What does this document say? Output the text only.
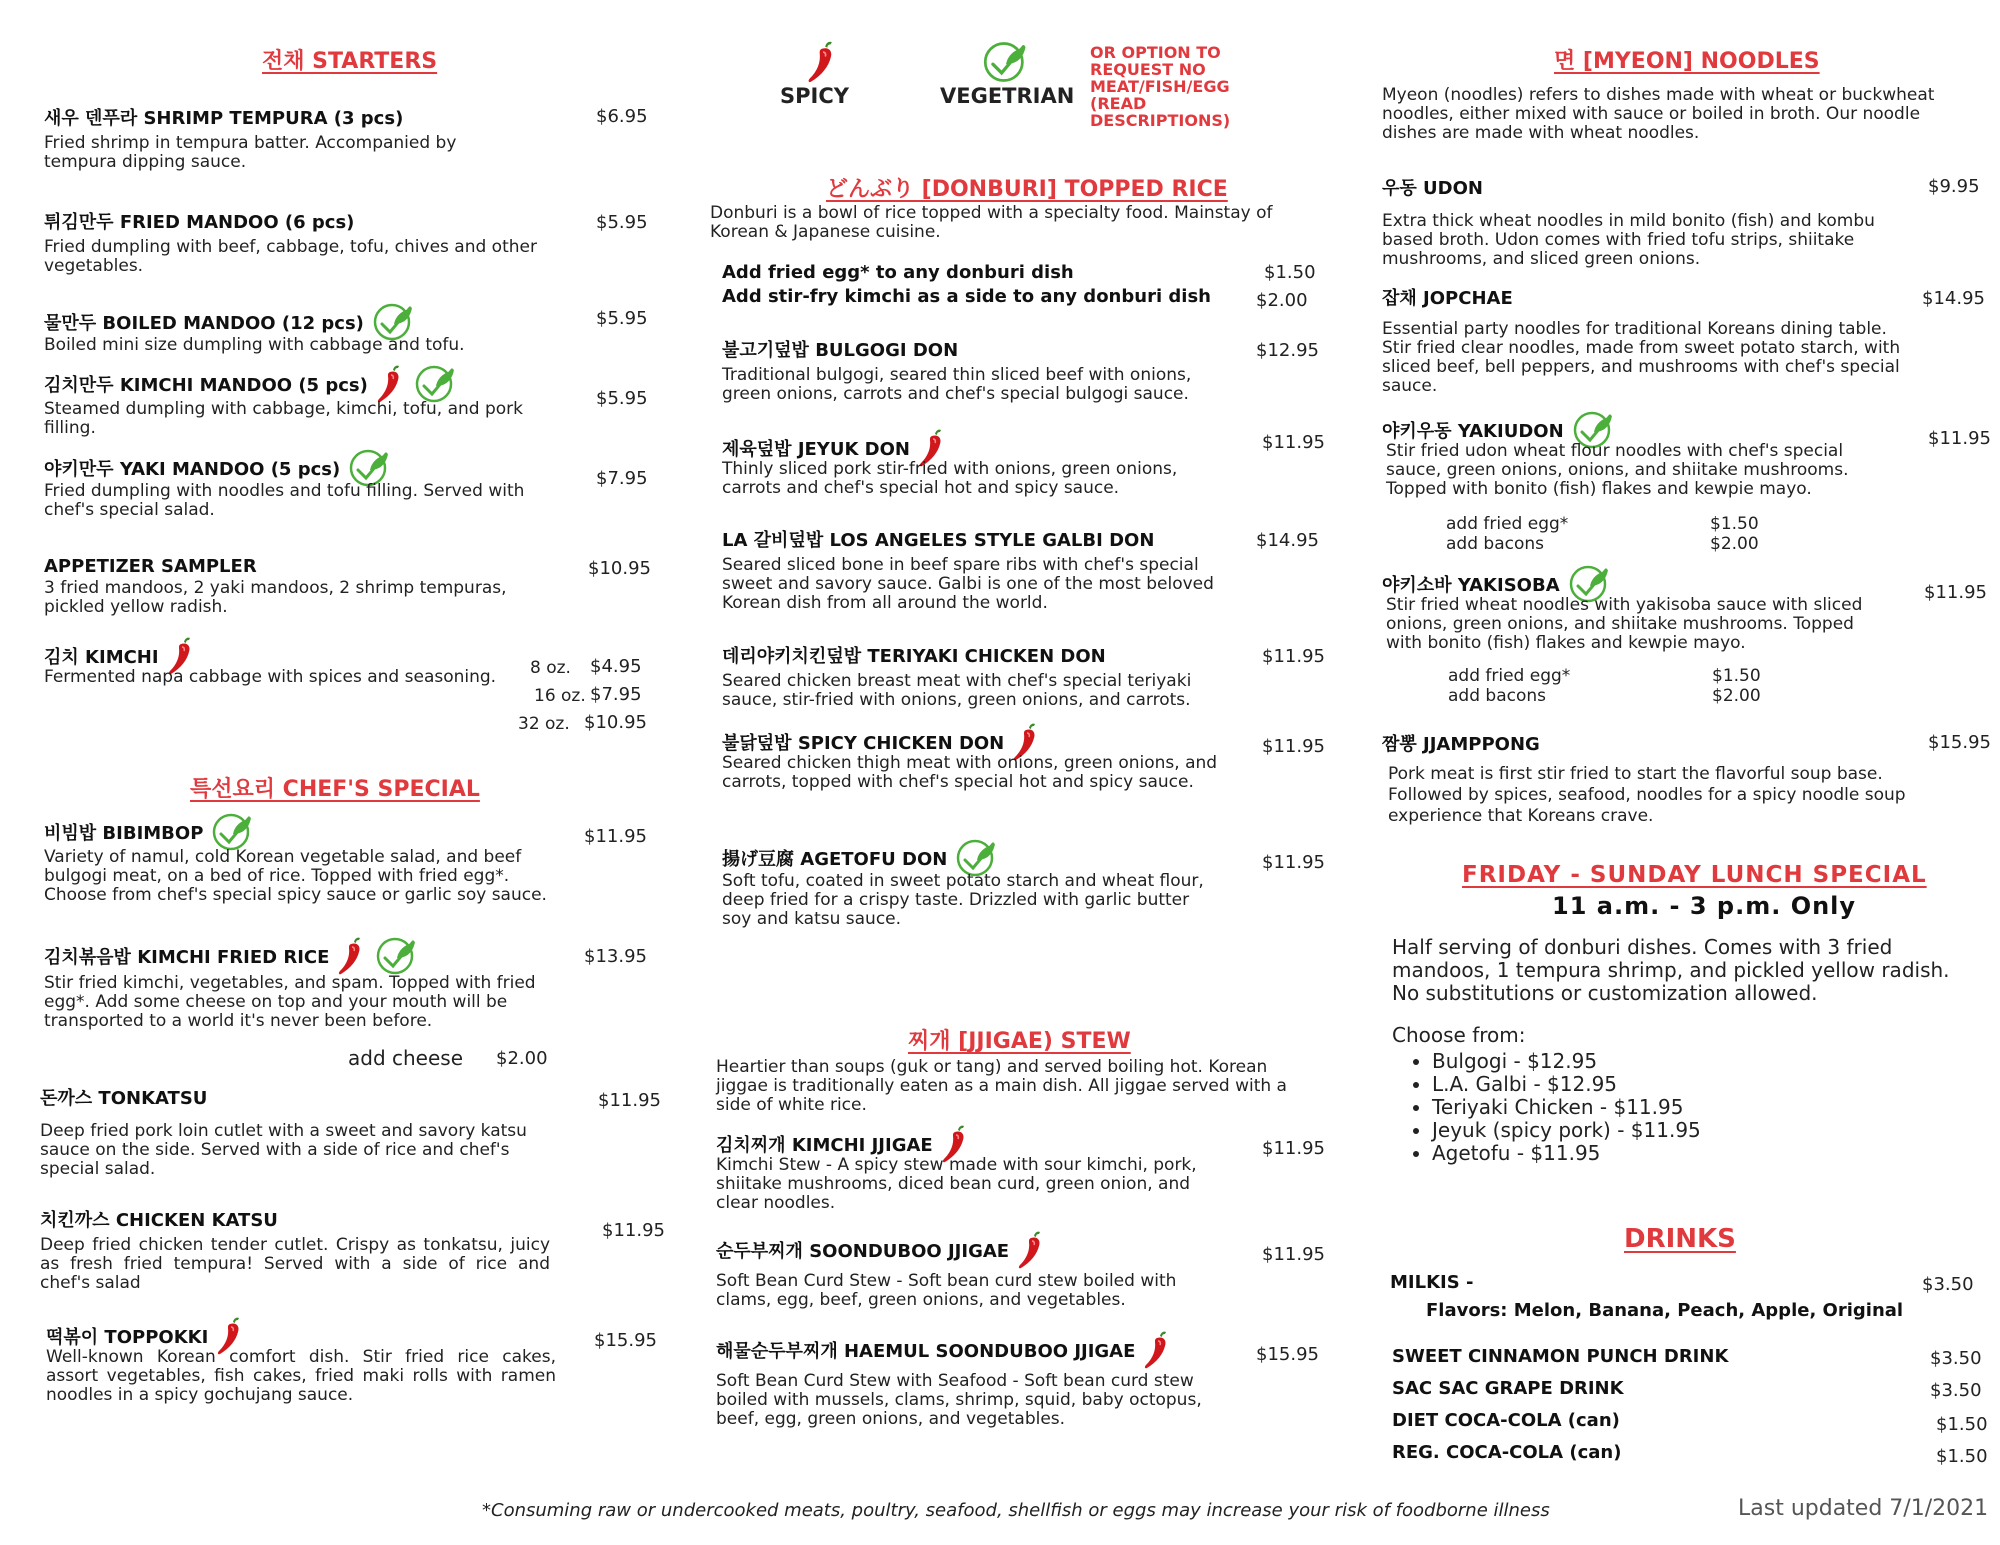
SPICY	VEGETRIAN
OR OPTION TO REQUEST NO MEAT/FISH/EGG (READ DESCRIPTIONS)
전채 STARTERS
새우 덴푸라 SHRIMP TEMPURA (3 pcs)
Fried shrimp in tempura batter. Accompanied by tempura dipping sauce.
$6.95
튀김만두 FRIED MANDOO (6 pcs)
Fried dumpling with beef, cabbage, tofu, chives and other vegetables.
$5.95
물만두 BOILED MANDOO (12 pcs)
Boiled mini size dumpling with cabbage and tofu.
$5.95
김치만두 KIMCHI MANDOO (5 pcs)
Steamed dumpling with cabbage, kimchi, tofu, and pork filling.
$5.95
야키만두 YAKI MANDOO (5 pcs)
Fried dumpling with noodles and tofu filling. Served with chef's special salad.
$7.95
APPETIZER SAMPLER
3 fried mandoos, 2 yaki mandoos, 2 shrimp tempuras, pickled yellow radish.
$10.95
김치 KIMCHI
Fermented napa cabbage with spices and seasoning.	8 oz. $4.95
16 oz. $7.95
32 oz. $10.95
특선요리 CHEF'S SPECIAL
비빔밥 BIBIMBOP
Variety of namul, cold Korean vegetable salad, and beef bulgogi meat, on a bed of rice. Topped with fried egg*. Choose from chef's special spicy sauce or garlic soy sauce.
$11.95
김치볶음밥 KIMCHI FRIED RICE
Stir fried kimchi, vegetables, and spam. Topped with fried egg*. Add some cheese on top and your mouth will be transported to a world it's never been before.
$13.95
add cheese $2.00
돈까스 TONKATSU
Deep fried pork loin cutlet with a sweet and savory katsu sauce on the side. Served with a side of rice and chef's special salad.
$11.95
치킨까스 CHICKEN KATSU
Deep fried chicken tender cutlet. Crispy as tonkatsu, juicy as fresh fried tempura! Served with a side of rice and chef's salad
$11.95
떡볶이 TOPPOKKI
Well-known Korean comfort dish. Stir fried rice cakes, assort vegetables, fish cakes, fried maki rolls with ramen noodles in a spicy gochujang sauce.
$15.95
どんぶり [DONBURI] TOPPED RICE
Donburi is a bowl of rice topped with a specialty food. Mainstay of Korean & Japanese cuisine.
Add fried egg* to any donburi dish	$1.50
Add stir-fry kimchi as a side to any donburi dish	$2.00
불고기덮밥 BULGOGI DON
Traditional bulgogi, seared thin sliced beef with onions, green onions, carrots and chef's special bulgogi sauce.
$12.95
제육덮밥 JEYUK DON
Thinly sliced pork stir-fried with onions, green onions, carrots and chef's special hot and spicy sauce.
$11.95
LA 갈비덮밥 LOS ANGELES STYLE GALBI DON
Seared sliced bone in beef spare ribs with chef's special sweet and savory sauce. Galbi is one of the most beloved Korean dish from all around the world.
$14.95
데리야키치킨덮밥 TERIYAKI CHICKEN DON
Seared chicken breast meat with chef's special teriyaki sauce, stir-fried with onions, green onions, and carrots.
$11.95
불닭덮밥 SPICY CHICKEN DON
Seared chicken thigh meat with onions, green onions, and carrots, topped with chef's special hot and spicy sauce.
$11.95
揚げ豆腐 AGETOFU DON
Soft tofu, coated in sweet potato starch and wheat flour, deep fried for a crispy taste. Drizzled with garlic butter soy and katsu sauce.
$11.95
찌개 [JJIGAE) STEW
Heartier than soups (guk or tang) and served boiling hot. Korean jiggae is traditionally eaten as a main dish. All jiggae served with a side of white rice.
김치찌개 KIMCHI JJIGAE
Kimchi Stew - A spicy stew made with sour kimchi, pork, shiitake mushrooms, diced bean curd, green onion, and clear noodles.
$11.95
순두부찌개 SOONDUBOO JJIGAE
Soft Bean Curd Stew - Soft bean curd stew boiled with clams, egg, beef, green onions, and vegetables.
$11.95
해물순두부찌개 HAEMUL SOONDUBOO JJIGAE
Soft Bean Curd Stew with Seafood - Soft bean curd stew boiled with mussels, clams, shrimp, squid, baby octopus, beef, egg, green onions, and vegetables.
$15.95
면 [MYEON] NOODLES
Myeon (noodles) refers to dishes made with wheat or buckwheat noodles, either mixed with sauce or boiled in broth. Our noodle dishes are made with wheat noodles.
우동 UDON
Extra thick wheat noodles in mild bonito (fish) and kombu based broth. Udon comes with fried tofu strips, shiitake mushrooms, and sliced green onions.
$9.95
잡채 JOPCHAE
Essential party noodles for traditional Koreans dining table. Stir fried clear noodles, made from sweet potato starch, with sliced beef, bell peppers, and mushrooms with chef's special sauce.
$14.95
야키우동 YAKIUDON
Stir fried udon wheat flour noodles with chef's special sauce, green onions, onions, and shiitake mushrooms. Topped with bonito (fish) flakes and kewpie mayo.
$11.95
add fried egg*	$1.50
add bacons	$2.00
야키소바 YAKISOBA
Stir fried wheat noodles with yakisoba sauce with sliced onions, green onions, and shiitake mushrooms. Topped with bonito (fish) flakes and kewpie mayo.
$11.95
add fried egg*	$1.50
add bacons	$2.00
짬뽕 JJAMPPONG
Pork meat is first stir fried to start the flavorful soup base. Followed by spices, seafood, noodles for a spicy noodle soup experience that Koreans crave.
$15.95
FRIDAY - SUNDAY LUNCH SPECIAL
11 a.m. - 3 p.m. Only
Half serving of donburi dishes. Comes with 3 fried mandoos, 1 tempura shrimp, and pickled yellow radish. No substitutions or customization allowed.
Choose from:
• Bulgogi - $12.95
• L.A. Galbi - $12.95
• Teriyaki Chicken - $11.95
• Jeyuk (spicy pork) - $11.95
• Agetofu - $11.95
DRINKS
MILKIS -	$3.50
Flavors: Melon, Banana, Peach, Apple, Original
SWEET CINNAMON PUNCH DRINK	$3.50
SAC SAC GRAPE DRINK	$3.50
DIET COCA-COLA (can)	$1.50
REG. COCA-COLA (can)	$1.50
*Consuming raw or undercooked meats, poultry, seafood, shellfish or eggs may increase your risk of foodborne illness	Last updated 7/1/2021
